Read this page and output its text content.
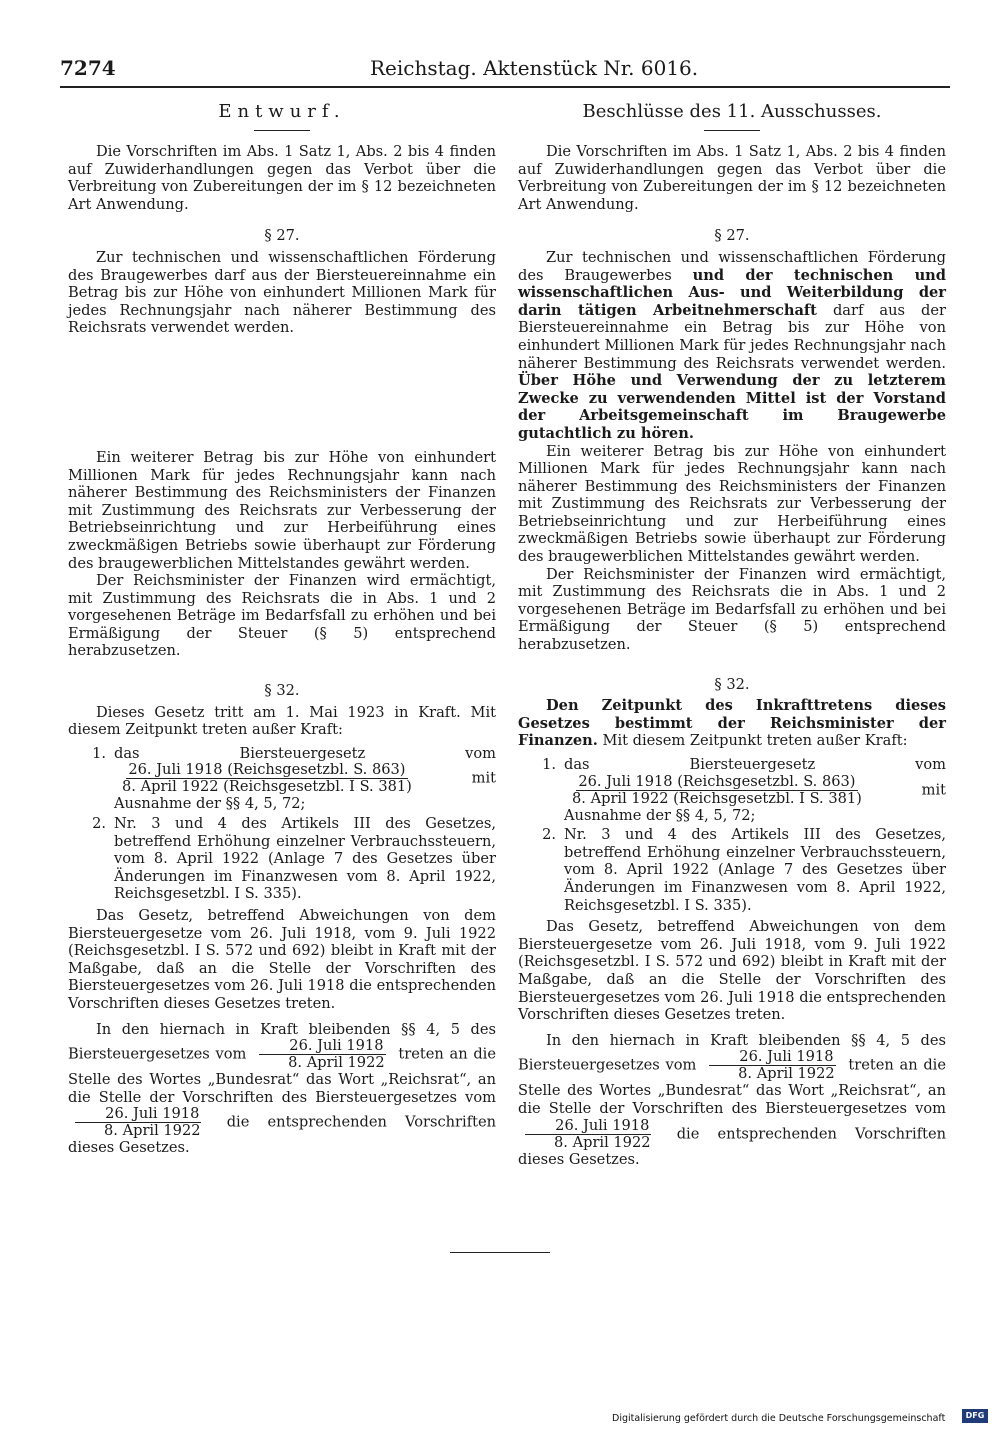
7274	Reichstag. Aktenstück Nr. 6016.
Entwurf.

Die Vorschriften im Abs. 1 Satz 1, Abs. 2 bis 4 finden auf Zuwiderhandlungen gegen das Verbot über die Verbreitung von Zubereitungen der im § 12 bezeichneten Art Anwendung.

§ 27.

Zur technischen und wissenschaftlichen Förderung des Braugewerbes darf aus der Biersteuereinnahme ein Betrag bis zur Höhe von einhundert Millionen Mark für jedes Rechnungsjahr nach näherer Bestimmung des Reichsrats verwendet werden.

Ein weiterer Betrag bis zur Höhe von einhundert Millionen Mark für jedes Rechnungsjahr kann nach näherer Bestimmung des Reichsministers der Finanzen mit Zustimmung des Reichsrats zur Verbesserung der Betriebseinrichtung und zur Herbeiführung eines zweckmäßigen Betriebs sowie überhaupt zur Förderung des braugewerblichen Mittelstandes gewährt werden.

Der Reichsminister der Finanzen wird ermächtigt, mit Zustimmung des Reichsrats die in Abs. 1 und 2 vorgesehenen Beträge im Bedarfsfall zu erhöhen und bei Ermäßigung der Steuer (§ 5) entsprechend herabzusetzen.

§ 32.

Dieses Gesetz tritt am 1. Mai 1923 in Kraft. Mit diesem Zeitpunkt treten außer Kraft:

1. das Biersteuergesetz vom
$\frac{\text{26. Juli 1918 (Reichsgesetzbl. S. 863)}}{\text{8. April 1922 (Reichsgesetzbl. I S. 381)}}$	mit Ausnahme der §§ 4, 5, 72;
2. Nr. 3 und 4 des Artikels III des Gesetzes, betreffend Erhöhung einzelner Verbrauchssteuern, vom 8. April 1922 (Anlage 7 des Gesetzes über Änderungen im Finanzwesen vom 8. April 1922, Reichsgesetzbl. I S. 335).

Das Gesetz, betreffend Abweichungen von dem Biersteuergesetze vom 26. Juli 1918, vom 9. Juli 1922 (Reichsgesetzbl. I S. 572 und 692) bleibt in Kraft mit der Maßgabe, daß an die Stelle der Vorschriften des Biersteuergesetzes vom 26. Juli 1918 die entsprechenden Vorschriften dieses Gesetzes treten.

In den hiernach in Kraft bleibenden §§ 4, 5 des Biersteuergesetzes vom $\frac{\text{26. Juli 1918}}{\text{8. April 1922}}$ treten an die Stelle des Wortes „Bundesrat“ das Wort „Reichsrat“, an die Stelle der Vorschriften des Biersteuergesetzes vom
$\frac{\text{26. Juli 1918}}{\text{8. April 1922}}$ die entsprechenden Vorschriften dieses Gesetzes.

Beschlüsse des 11. Ausschusses.

Die Vorschriften im Abs. 1 Satz 1, Abs. 2 bis 4 finden auf Zuwiderhandlungen gegen das Verbot über die Verbreitung von Zubereitungen der im § 12 bezeichneten Art Anwendung.

§ 27.

Zur technischen und wissenschaftlichen Förderung des Braugewerbes und der technischen und wissenschaftlichen Aus- und Weiterbildung der darin tätigen Arbeitnehmerschaft darf aus der Biersteuereinnahme ein Betrag bis zur Höhe von einhundert Millionen Mark für jedes Rechnungsjahr nach näherer Bestimmung des Reichsrats verwendet werden. Über Höhe und Verwendung der zu letzterem Zwecke zu verwendenden Mittel ist der Vorstand der Arbeitsgemeinschaft im Braugewerbe gutachtlich zu hören.

Ein weiterer Betrag bis zur Höhe von einhundert Millionen Mark für jedes Rechnungsjahr kann nach näherer Bestimmung des Reichsministers der Finanzen mit Zustimmung des Reichsrats zur Verbesserung der Betriebseinrichtung und zur Herbeiführung eines zweckmäßigen Betriebs sowie überhaupt zur Förderung des braugewerblichen Mittelstandes gewährt werden.

Der Reichsminister der Finanzen wird ermächtigt, mit Zustimmung des Reichsrats die in Abs. 1 und 2 vorgesehenen Beträge im Bedarfsfall zu erhöhen und bei Ermäßigung der Steuer (§ 5) entsprechend herabzusetzen.

§ 32.

Den Zeitpunkt des Inkrafttretens dieses Gesetzes bestimmt der Reichsminister der Finanzen. Mit diesem Zeitpunkt treten außer Kraft:

1. das Biersteuergesetz vom
$\frac{\text{26. Juli 1918 (Reichsgesetzbl. S. 863)}}{\text{8. April 1922 (Reichsgesetzbl. I S. 381)}}$	mit Ausnahme der §§ 4, 5, 72;
2. Nr. 3 und 4 des Artikels III des Gesetzes, betreffend Erhöhung einzelner Verbrauchssteuern, vom 8. April 1922 (Anlage 7 des Gesetzes über Änderungen im Finanzwesen vom 8. April 1922, Reichsgesetzbl. I S. 335).

Das Gesetz, betreffend Abweichungen von dem Biersteuergesetze vom 26. Juli 1918, vom 9. Juli 1922 (Reichsgesetzbl. I S. 572 und 692) bleibt in Kraft mit der Maßgabe, daß an die Stelle der Vorschriften des Biersteuergesetzes vom 26. Juli 1918 die entsprechenden Vorschriften dieses Gesetzes treten.

In den hiernach in Kraft bleibenden §§ 4, 5 des Biersteuergesetzes vom $\frac{\text{26. Juli 1918}}{\text{8. April 1922}}$ treten an die Stelle des Wortes „Bundesrat“ das Wort „Reichsrat“, an die Stelle der Vorschriften des Biersteuergesetzes vom
$\frac{\text{26. Juli 1918}}{\text{8. April 1922}}$ die entsprechenden Vorschriften dieses Gesetzes.

Digitalisierung gefördert durch die Deutsche Forschungsgemeinschaft	DFG
